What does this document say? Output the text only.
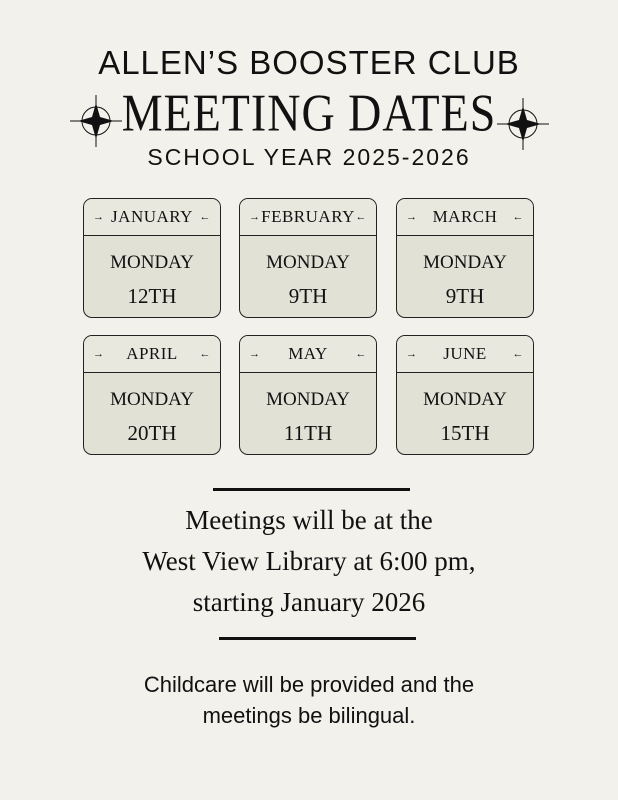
ALLEN’S BOOSTER CLUB
MEETING DATES
SCHOOL YEAR 2025-2026
→ JANUARY ←
MONDAY
12TH
→ FEBRUARY ←
MONDAY
9TH
→ MARCH ←
MONDAY
9TH
→ APRIL ←
MONDAY
20TH
→ MAY	←
MONDAY
11TH
→ JUNE ←
MONDAY
15TH
Meetings will be at the
West View Library at 6:00 pm,
starting January 2026
Childcare will be provided and the
meetings be bilingual.
